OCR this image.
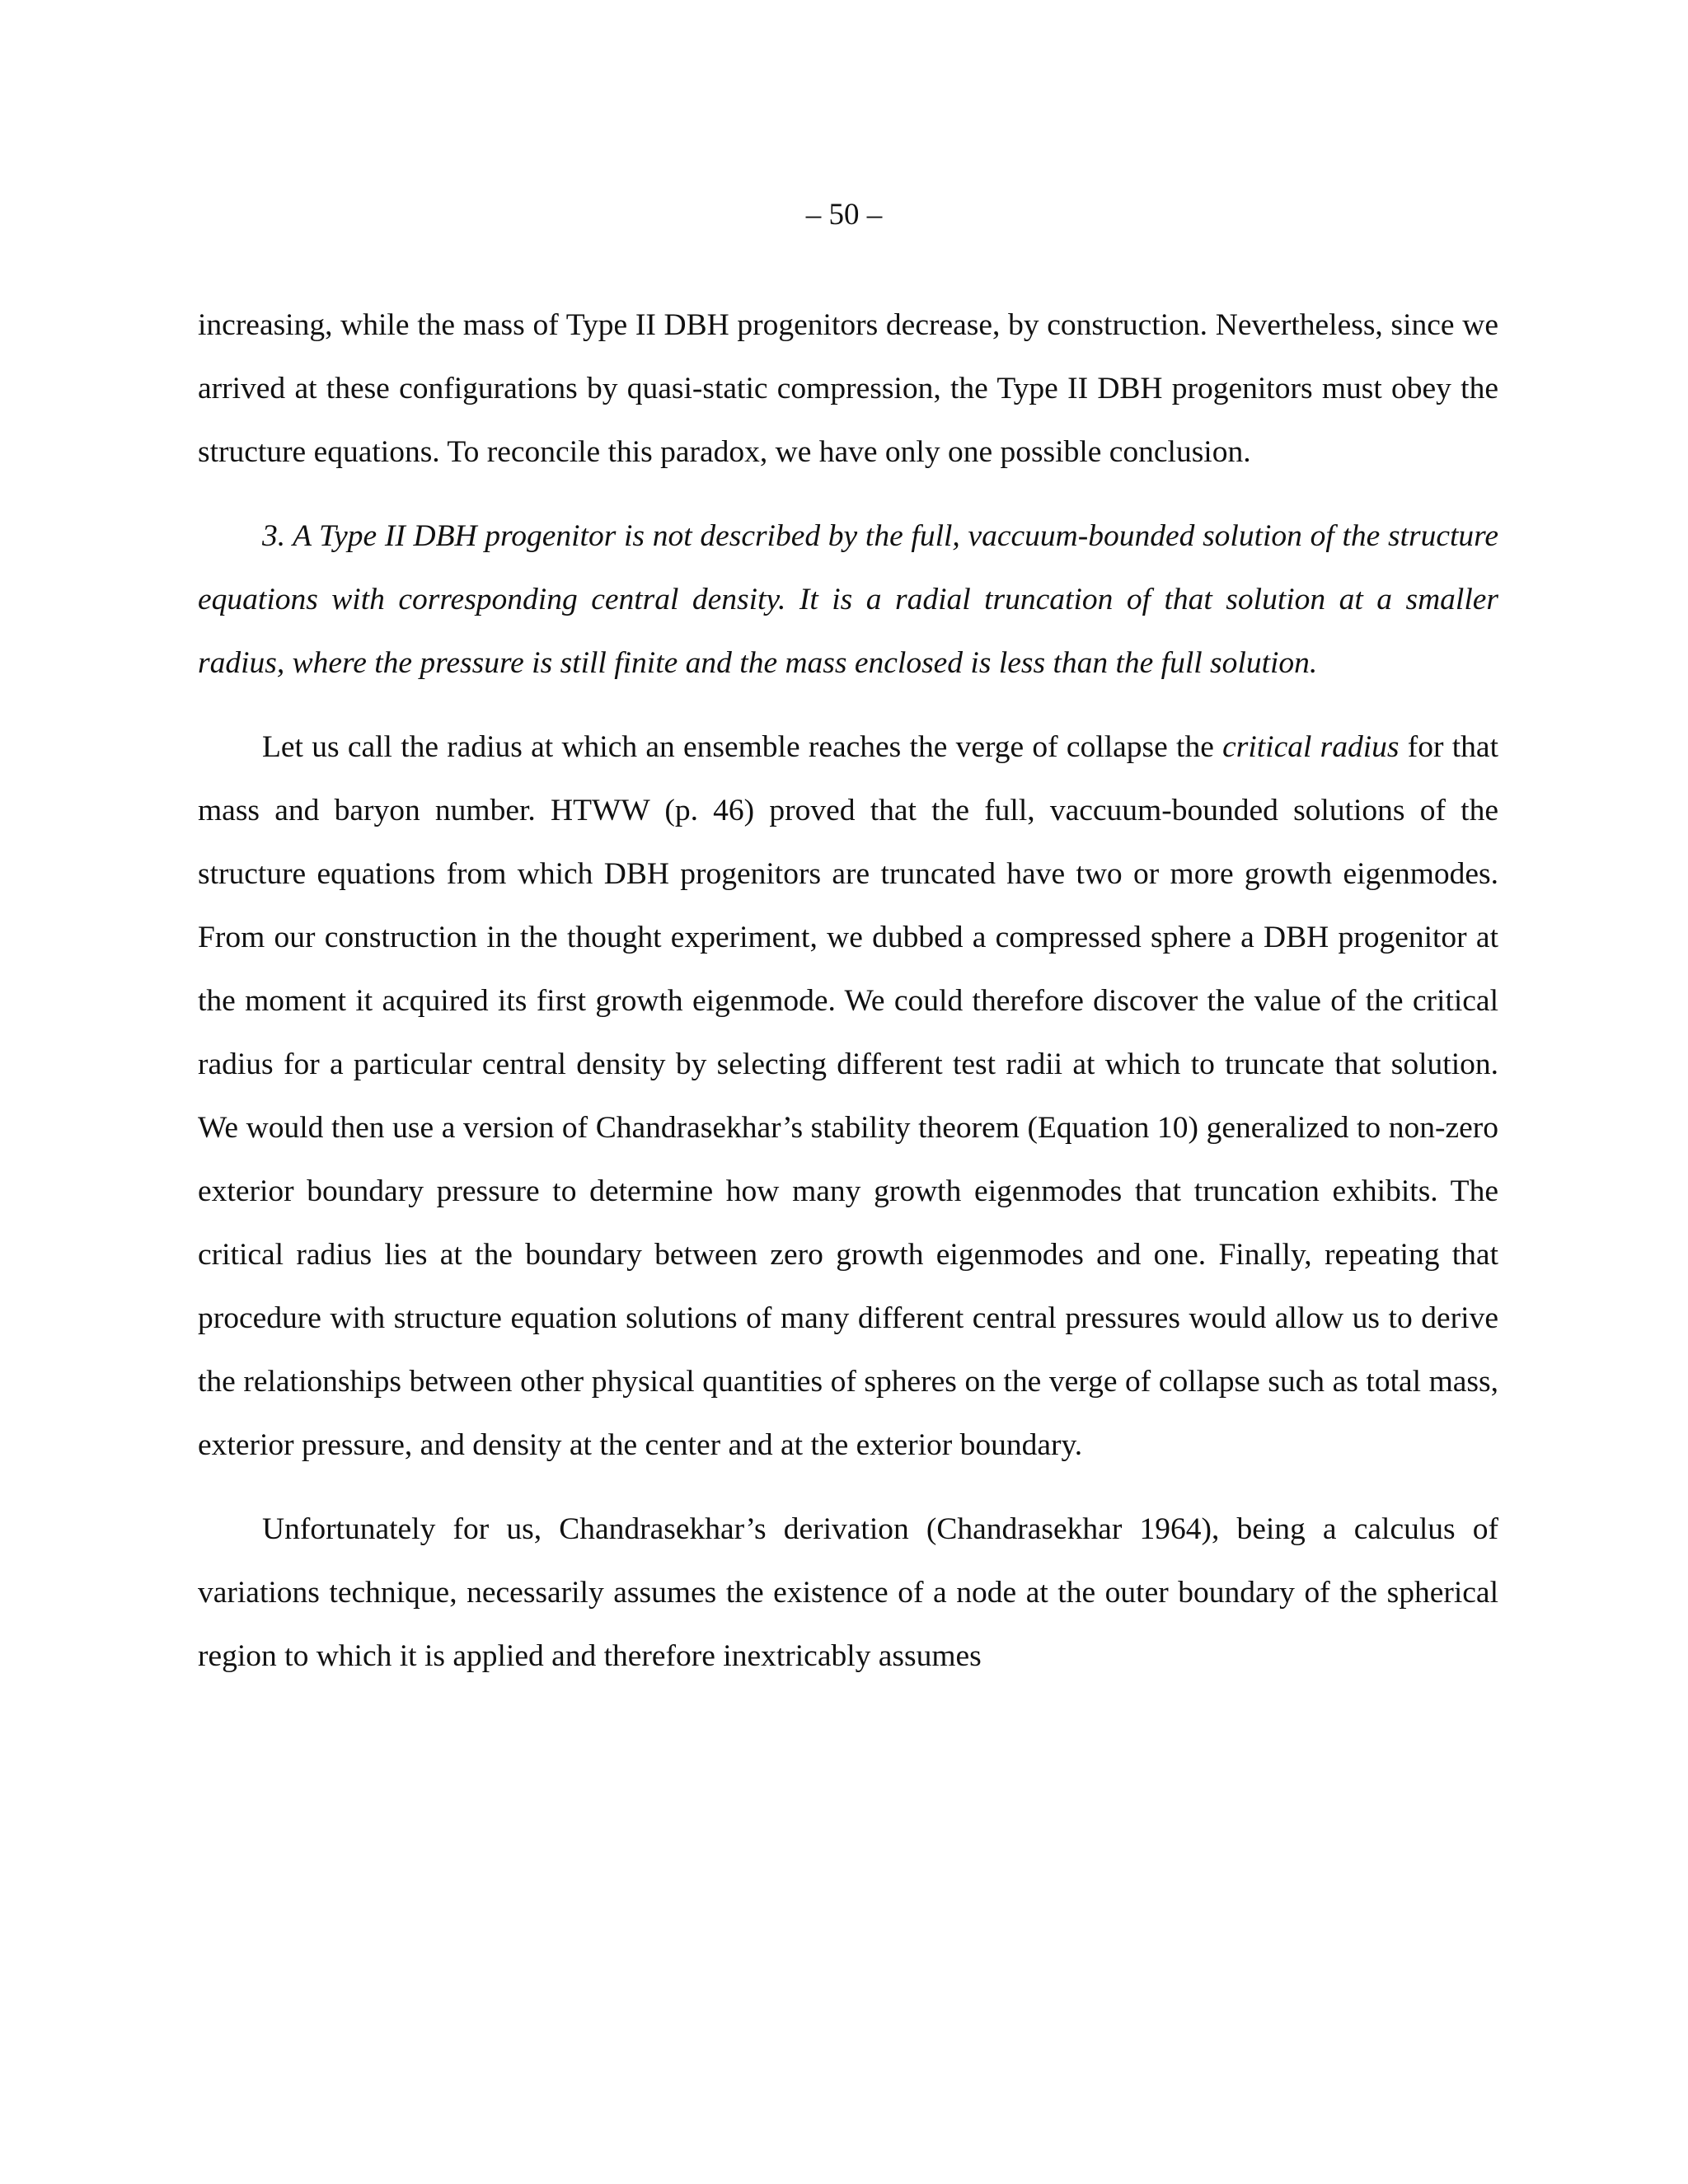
– 50 –

increasing, while the mass of Type II DBH progenitors decrease, by construction. Nevertheless, since we arrived at these configurations by quasi-static compression, the Type II DBH progenitors must obey the structure equations. To reconcile this paradox, we have only one possible conclusion.

3. A Type II DBH progenitor is not described by the full, vaccuum-bounded solution of the structure equations with corresponding central density. It is a radial truncation of that solution at a smaller radius, where the pressure is still finite and the mass enclosed is less than the full solution.

Let us call the radius at which an ensemble reaches the verge of collapse the critical radius for that mass and baryon number. HTWW (p. 46) proved that the full, vaccuum-bounded solutions of the structure equations from which DBH progenitors are truncated have two or more growth eigenmodes. From our construction in the thought experiment, we dubbed a compressed sphere a DBH progenitor at the moment it acquired its first growth eigenmode. We could therefore discover the value of the critical radius for a particular central density by selecting different test radii at which to truncate that solution. We would then use a version of Chandrasekhar’s stability theorem (Equation 10) generalized to non-zero exterior boundary pressure to determine how many growth eigenmodes that truncation exhibits. The critical radius lies at the boundary between zero growth eigenmodes and one. Finally, repeating that procedure with structure equation solutions of many different central pressures would allow us to derive the relationships between other physical quantities of spheres on the verge of collapse such as total mass, exterior pressure, and density at the center and at the exterior boundary.

Unfortunately for us, Chandrasekhar’s derivation (Chandrasekhar 1964), being a calculus of variations technique, necessarily assumes the existence of a node at the outer boundary of the spherical region to which it is applied and therefore inextricably assumes
